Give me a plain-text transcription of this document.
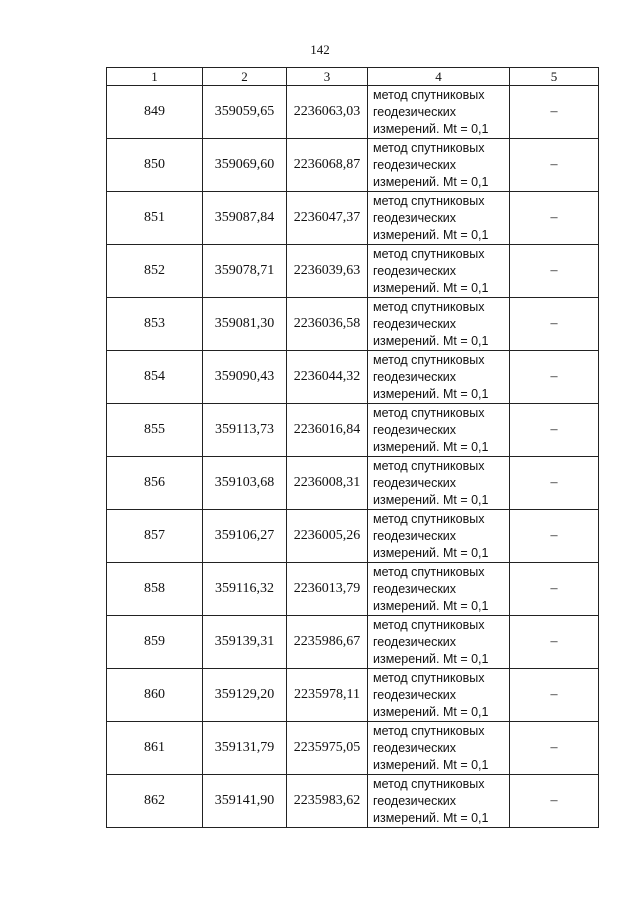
142
1	2	3	4	5
849	359059,65	2236063,03	метод спутниковых
геодезических
измерений. Mt = 0,1	–
850	359069,60	2236068,87	метод спутниковых
геодезических
измерений. Mt = 0,1	–
851	359087,84	2236047,37	метод спутниковых
геодезических
измерений. Mt = 0,1	–
852	359078,71	2236039,63	метод спутниковых
геодезических
измерений. Mt = 0,1	–
853	359081,30	2236036,58	метод спутниковых
геодезических
измерений. Mt = 0,1	–
854	359090,43	2236044,32	метод спутниковых
геодезических
измерений. Mt = 0,1	–
855	359113,73	2236016,84	метод спутниковых
геодезических
измерений. Mt = 0,1	–
856	359103,68	2236008,31	метод спутниковых
геодезических
измерений. Mt = 0,1	–
857	359106,27	2236005,26	метод спутниковых
геодезических
измерений. Mt = 0,1	–
858	359116,32	2236013,79	метод спутниковых
геодезических
измерений. Mt = 0,1	–
859	359139,31	2235986,67	метод спутниковых
геодезических
измерений. Mt = 0,1	–
860	359129,20	2235978,11	метод спутниковых
геодезических
измерений. Mt = 0,1	–
861	359131,79	2235975,05	метод спутниковых
геодезических
измерений. Mt = 0,1	–
862	359141,90	2235983,62	метод спутниковых
геодезических
измерений. Mt = 0,1	–
